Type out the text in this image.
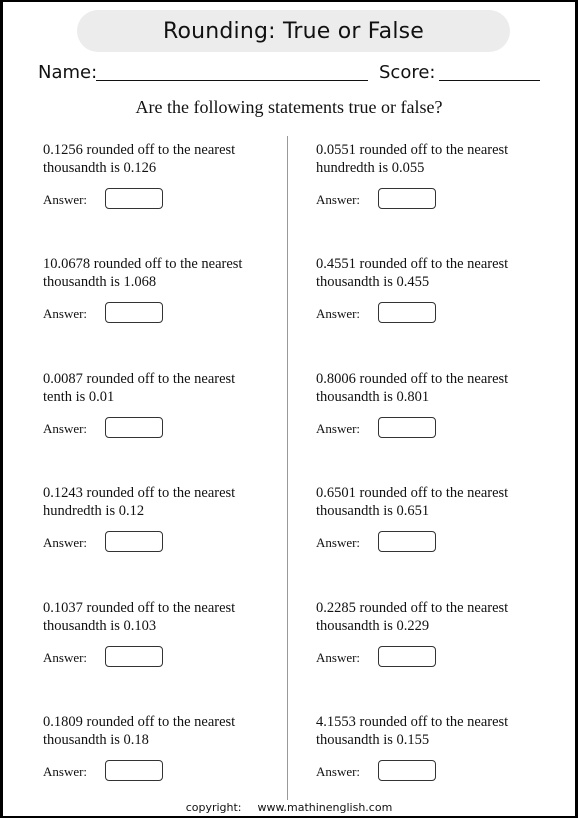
Rounding: True or False
Name:	Score:
Are the following statements true or false?
0.1256 rounded off to the nearest
thousandth is 0.126
Answer:
0.0551 rounded off to the nearest
hundredth is 0.055
Answer:
10.0678 rounded off to the nearest
thousandth is 1.068
Answer:
0.4551 rounded off to the nearest
thousandth is 0.455
Answer:
0.0087 rounded off to the nearest
tenth is 0.01
Answer:
0.8006 rounded off to the nearest
thousandth is 0.801
Answer:
0.1243 rounded off to the nearest
hundredth is 0.12
Answer:
0.6501 rounded off to the nearest
thousandth is 0.651
Answer:
0.1037 rounded off to the nearest
thousandth is 0.103
Answer:
0.2285 rounded off to the nearest
thousandth is 0.229
Answer:
0.1809 rounded off to the nearest
thousandth is 0.18
Answer:
4.1553 rounded off to the nearest
thousandth is 0.155
Answer:
copyright: www.mathinenglish.com
